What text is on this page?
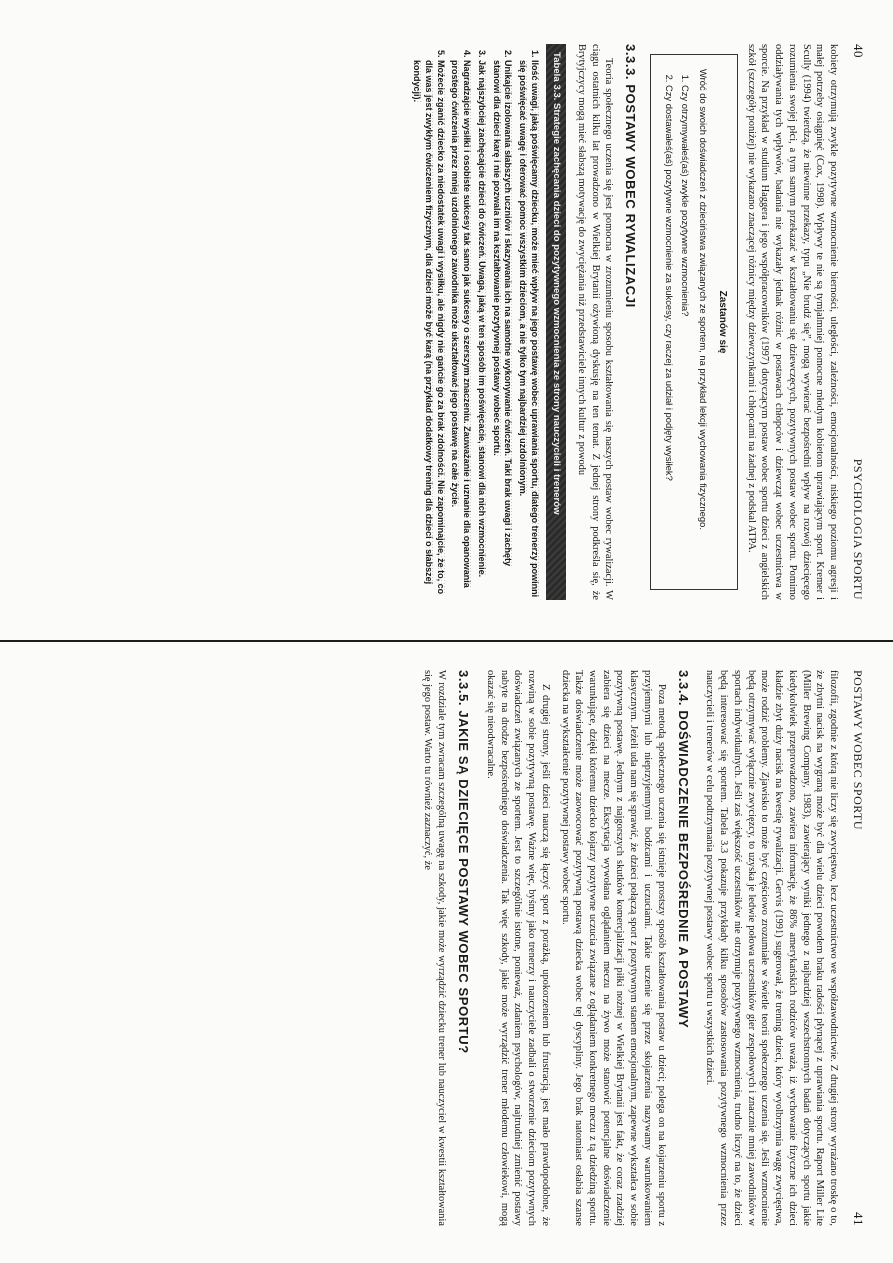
40
PSYCHOLOGIA SPORTU

kobiety otrzymują zwykle pozytywne wzmocnienie bierności, uległości, zależności, emocjonalności, niskiego poziomu agresji i małej potrzeby osiągnięć (Cox, 1998). Wpływy te nie są tymjalmniej pomocne młodym kobietom uprawiającym sport. Kremer i Scully (1994) twierdzą, że niewinne przekazy, typu „Nie brudź się”, mogą wywierać bezpośredni wpływ na rozwój dziecięcego rozumienia swojej płci, a tym samym przekazać w kształtowaniu się dziewczęcych, pozytywnych postaw wobec sportu. Pomimo oddziaływania tych wpływów, badania nie wykazały jednak różnic w postawach chłopców i dziewcząt wobec uczestnictwa w sporcie. Na przykład w studium Haggera i jego współpracowników (1997) dotyczącym postaw wobec sportu dzieci z angielskich szkół (szczegóły poniżej) nie wykazano znaczącej różnicy między dziewczynkami i chłopcami na żadnej z podskal ATPA.

Zastanów się
Wróć do swoich doświadczeń z dzieciństwa związanych ze sportem, na przykład lekcji wychowania fizycznego.
1. Czy otrzymywałeś(aś) zwykle pozytywne wzmocnienia?
2. Czy dostawałeś(aś) pozytywne wzmocnienie za sukcesy, czy raczej za udział i podjęty wysiłek?
3.3.3. POSTAWY WOBEC RYWALIZACJI

Teoria społecznego uczenia się jest pomocna w zrozumieniu sposobu kształtowania się naszych postaw wobec rywalizacji. W ciągu ostatnich kilku lat prowadzono w Wielkiej Brytanii ożywioną dyskusję na ten temat. Z jednej strony podkreśla się, że Brytyjczycy mogą mieć słabszą motywację do zwyciężania niż przedstawiciele innych kultur z powodu

Tabela 3.3. Strategie zachęcania dzieci do pozytywnego wzmocnienia ze strony nauczycieli i trenerów
1. Ilość uwagi, jaką poświęcamy dziecku, może mieć wpływ na jego postawę wobec uprawiania sportu, dlatego trenerzy powinni się poświęcać uwagę i oferować pomoc wszystkim dzieciom, a nie tylko tym najbardziej uzdolnionym.
2. Unikajcie izolowania słabszych uczniów i skazywania ich na samotne wykonywanie ćwiczeń. Taki brak uwagi i zachęty stanowi dla dzieci karę i nie pozwala im na kształtowanie pozytywnej postawy wobec sportu.
3. Jak najszybciej zachęcajcie dzieci do ćwiczeń. Uwaga, jaką w ten sposób im poświęcacie, stanowi dla nich wzmocnienie.
4. Nagradzajcie wysiłki i osobiste sukcesy tak samo jak sukcesy o szerszym znaczeniu. Zauważanie i uznanie dla opanowania prostego ćwiczenia przez mniej uzdolnionego zawodnika może ukształtować jego postawę na całe życie.
5. Możecie zganić dziecko za niedostatek uwagi i wysiłku, ale nigdy nie gańcie go za brak zdolności. Nie zapominajcie, że to, co dla was jest zwykłym ćwiczeniem fizycznym, dla dzieci może być karą (na przykład dodatkowy trening dla dzieci o słabszej kondycji).
POSTAWY WOBEC SPORTU
41

filozofii, zgodnie z którą nie liczy się zwycięstwo, lecz uczestnictwo we współzawodnictwie. Z drugiej strony wyrażano troskę o to, że zbytni nacisk na wygraną może być dla wielu dzieci powodem braku radości płynącej z uprawiania sportu. Raport Miller Lite (Miller Brewing Company, 1983), zawierający wyniki jednego z najbardziej wszechstronnych badań dotyczących sportu jakie kiedykolwiek przeprowadzono, zawiera informację, że 86% amerykańskich rodziców uważa, iż wychowanie fizyczne ich dzieci kładzie zbyt duży nacisk na kwestię rywalizacji. Gervis (1991) sugerował, że trening dzieci, który wyolbrzymia wagę zwycięstwa, może rodzić problemy. Zjawisko to może być częściowo zrozumiałe w świetle teorii społecznego uczenia się. Jeśli wzmocnienie będą otrzymywać wyłącznie zwycięzcy, to uzyska je ledwie połowa uczestników gier zespołowych i znacznie mniej zawodników w sportach indywidualnych. Jeśli zaś większość uczestników nie otrzymuje pozytywnego wzmocnienia, trudno liczyć na to, że dzieci będą interesować się sportem. Tabela 3.3 pokazuje przykłady kilku sposobów zastosowania pozytywnego wzmocnienia przez nauczycieli i trenerów w celu podtrzymania pozytywnej postawy wobec sportu u wszystkich dzieci.

3.3.4. DOŚWIADCZENIE BEZPOŚREDNIE A POSTAWY

Poza metodą społecznego uczenia się istnieje prostszy sposób kształtowania postaw u dzieci; polega on na kojarzeniu sportu z przyjemnymi lub nieprzyjemnymi bodźcami i uczuciami. Takie uczenie się przez skojarzenia nazywamy warunkowaniem klasycznym. Jeżeli uda nam się sprawić, że dzieci połączą sport z pozytywnym stanem emocjonalnym, zapewne wykształca w sobie pozytywną postawę. Jednym z najgorszych skutków komercjalizacji piłki nożnej w Wielkiej Brytanii jest fakt, że coraz rzadziej zabiera się dzieci na mecze. Ekscytacja wywołana oglądaniem meczu na żywo może stanowić potencjalne doświadczenie warunkujące, dzięki któremu dziecko kojarzy pozytywne uczucia związane z oglądaniem konkretnego meczu z tą dziedziną sportu. Także doświadczenie może zaowocować pozytywną postawą dziecka wobec tej dyscypliny. Jego brak natomiast osłabia szanse dziecka na wykształcenie pozytywnej postawy wobec sportu.

Z drugiej strony, jeśli dzieci nauczą się łączyć sport z porażką, upokorzeniem lub frustracją, jest mało prawdopodobne, że rozwiną w sobie pozytywną postawę. Ważne więc, byśmy jako trenerzy i nauczyciele zadbali o stworzenie dzieciom pozytywnych doświadczeń związanych ze sportem. Jest to szczególnie istotne, ponieważ, zdaniem psychologów, najtrudniej zmienić postawy nabyte na drodze bezpośredniego doświadczenia. Tak więc szkody, jakie może wyrządzić trener młodemu człowiekowi, mogą okazać się nieodwracalne.

3.3.5. JAKIE SĄ DZIECIĘCE POSTAWY WOBEC SPORTU?

W rozdziale tym zwracam szczególną uwagę na szkody, jakie może wyrządzić dziecku trener lub nauczyciel w kwestii kształtowania się jego postaw. Warto tu również zaznaczyć, że
